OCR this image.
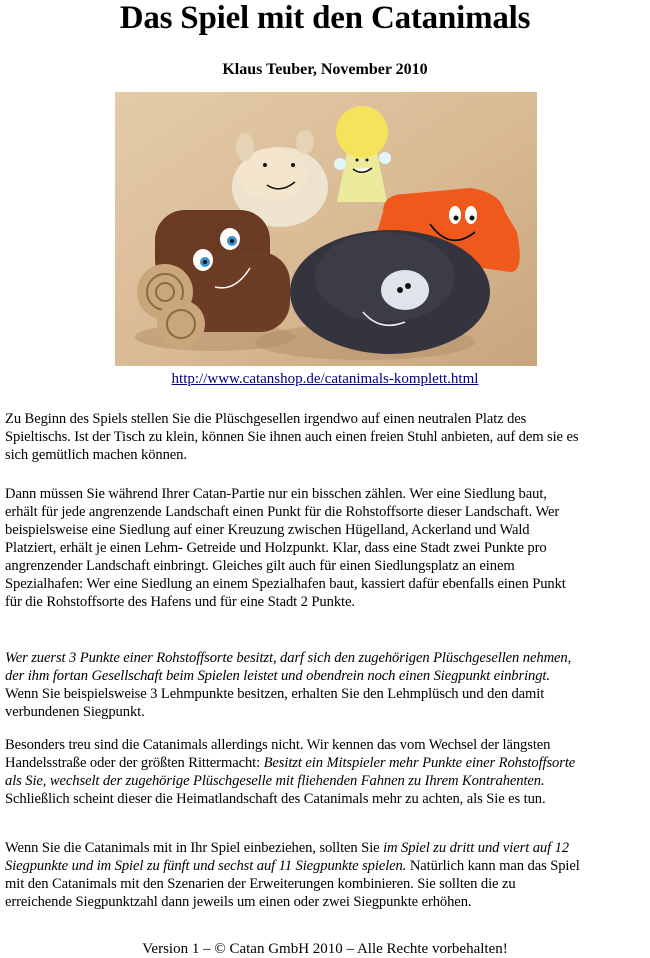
Das Spiel mit den Catanimals
Klaus Teuber, November 2010
http://www.catanshop.de/catanimals-komplett.html
Zu Beginn des Spiels stellen Sie die Plüschgesellen irgendwo auf einen neutralen Platz des
Spieltischs. Ist der Tisch zu klein, können Sie ihnen auch einen freien Stuhl anbieten, auf dem sie es
sich gemütlich machen können.
Dann müssen Sie während Ihrer Catan-Partie nur ein bisschen zählen. Wer eine Siedlung baut,
erhält für jede angrenzende Landschaft einen Punkt für die Rohstoffsorte dieser Landschaft. Wer
beispielsweise eine Siedlung auf einer Kreuzung zwischen Hügelland, Ackerland und Wald
Platziert, erhält je einen Lehm- Getreide und Holzpunkt. Klar, dass eine Stadt zwei Punkte pro
angrenzender Landschaft einbringt. Gleiches gilt auch für einen Siedlungsplatz an einem
Spezialhafen: Wer eine Siedlung an einem Spezialhafen baut, kassiert dafür ebenfalls einen Punkt
für die Rohstoffsorte des Hafens und für eine Stadt 2 Punkte.
Wer zuerst 3 Punkte einer Rohstoffsorte besitzt, darf sich den zugehörigen Plüschgesellen nehmen,
der ihm fortan Gesellschaft beim Spielen leistet und obendrein noch einen Siegpunkt einbringt.
Wenn Sie beispielsweise 3 Lehmpunkte besitzen, erhalten Sie den Lehmplüsch und den damit
verbundenen Siegpunkt.
Besonders treu sind die Catanimals allerdings nicht. Wir kennen das vom Wechsel der längsten
Handelsstraße oder der größten Rittermacht: Besitzt ein Mitspieler mehr Punkte einer Rohstoffsorte
als Sie, wechselt der zugehörige Plüschgeselle mit fliehenden Fahnen zu Ihrem Kontrahenten.
Schließlich scheint dieser die Heimatlandschaft des Catanimals mehr zu achten, als Sie es tun.
Wenn Sie die Catanimals mit in Ihr Spiel einbeziehen, sollten Sie im Spiel zu dritt und viert auf 12
Siegpunkte und im Spiel zu fünft und sechst auf 11 Siegpunkte spielen. Natürlich kann man das Spiel
mit den Catanimals mit den Szenarien der Erweiterungen kombinieren. Sie sollten die zu
erreichende Siegpunktzahl dann jeweils um einen oder zwei Siegpunkte erhöhen.
Version 1 – © Catan GmbH 2010 – Alle Rechte vorbehalten!
